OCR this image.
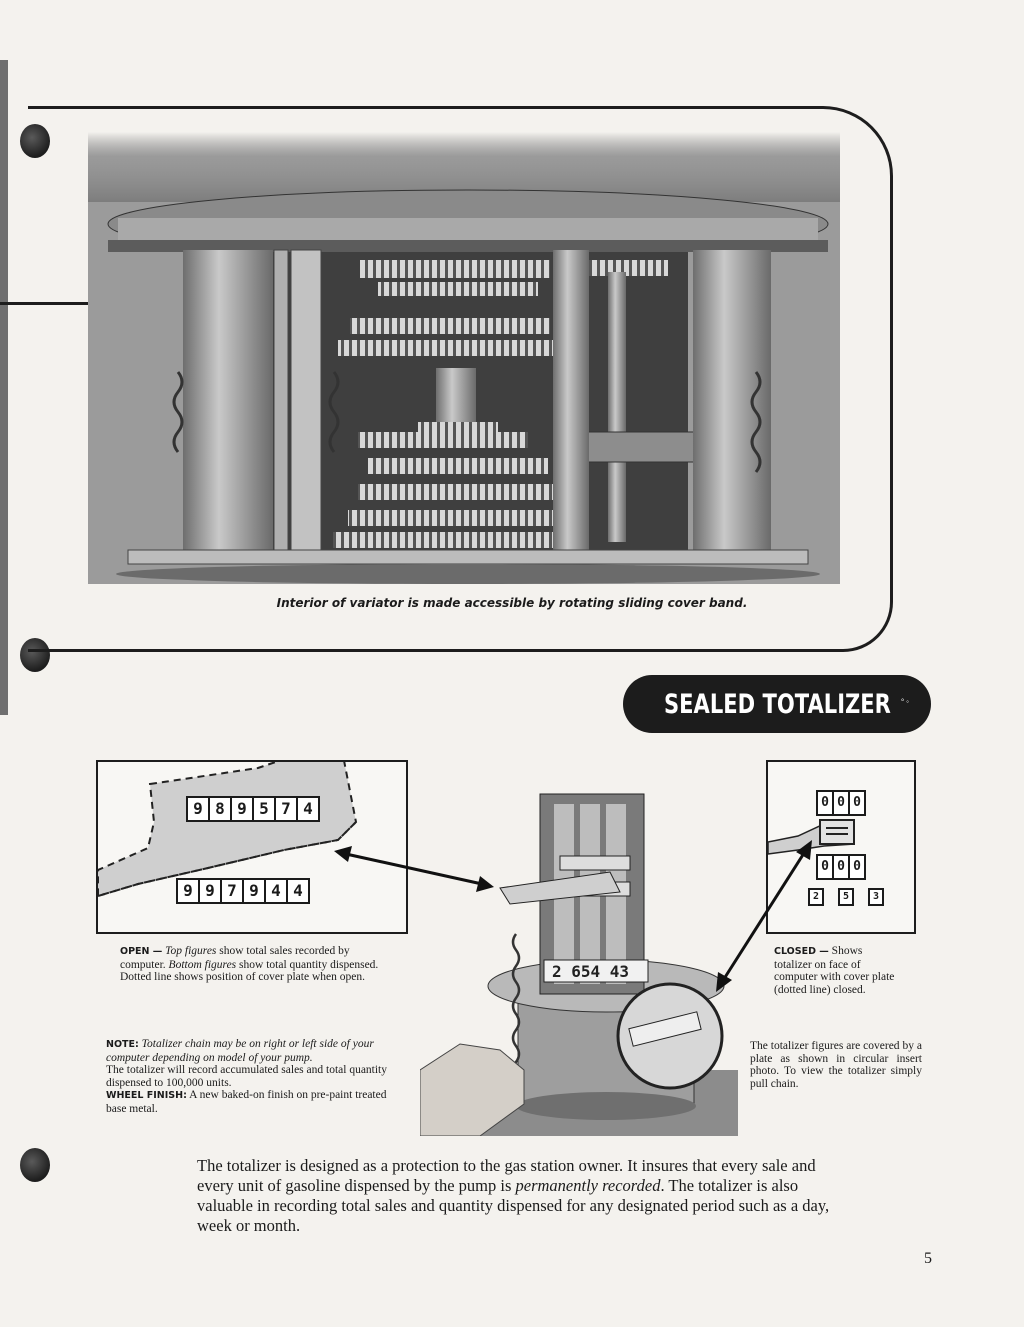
Interior of variator is made accessible by rotating sliding cover band.
SEALED TOTALIZER ° ◦
9 8 9 5 7 4
9 9 7 9 4 4
0 0 0
0 0 0
2 5 3
2 654 43
OPEN — Top figures show total sales recorded by computer. Bottom figures show total quantity dispensed. Dotted line shows position of cover plate when open.
CLOSED — Shows totalizer on face of computer with cover plate (dotted line) closed.
NOTE: Totalizer chain may be on right or left side of your computer depending on model of your pump.
The totalizer will record accumulated sales and total quantity dispensed to 100,000 units.
WHEEL FINISH: A new baked-on finish on pre-paint treated base metal.
The totalizer figures are covered by a plate as shown in circular insert photo. To view the totalizer simply pull chain.
The totalizer is designed as a protection to the gas station owner. It insures that every sale and every unit of gasoline dispensed by the pump is permanently recorded. The totalizer is also valuable in recording total sales and quantity dispensed for any designated period such as a day, week or month.
5
